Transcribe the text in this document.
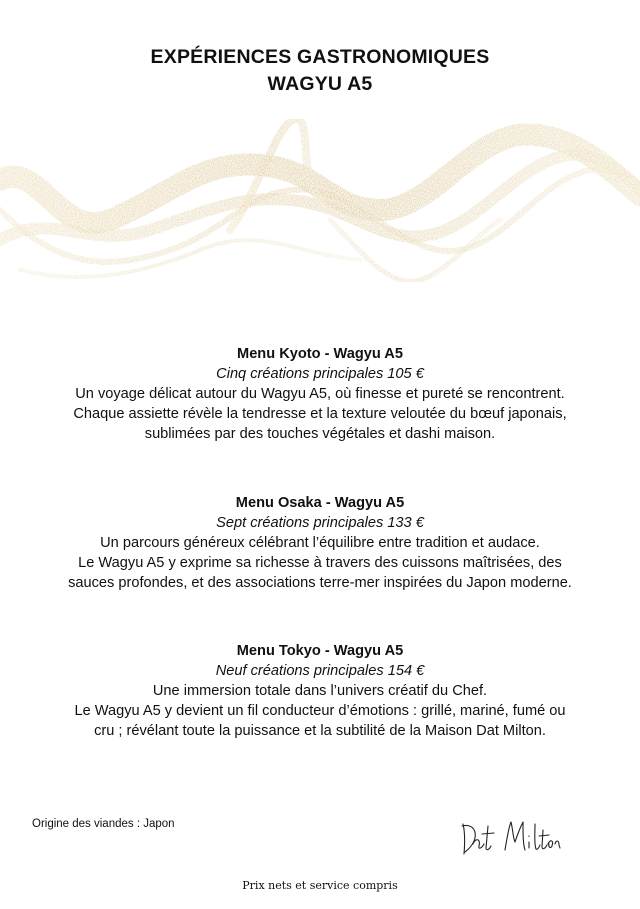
EXPÉRIENCES GASTRONOMIQUES
WAGYU A5
Menu Kyoto - Wagyu A5
Cinq créations principales 105 €
Un voyage délicat autour du Wagyu A5, où finesse et pureté se rencontrent.
Chaque assiette révèle la tendresse et la texture veloutée du bœuf japonais,
sublimées par des touches végétales et dashi maison.
Menu Osaka - Wagyu A5
Sept créations principales 133 €
Un parcours généreux célébrant l’équilibre entre tradition et audace.
Le Wagyu A5 y exprime sa richesse à travers des cuissons maîtrisées, des
sauces profondes, et des associations terre-mer inspirées du Japon moderne.
Menu Tokyo - Wagyu A5
Neuf créations principales 154 €
Une immersion totale dans l’univers créatif du Chef.
Le Wagyu A5 y devient un fil conducteur d’émotions : grillé, mariné, fumé ou
cru ; révélant toute la puissance et la subtilité de la Maison Dat Milton.
Origine des viandes : Japon
Prix nets et service compris
